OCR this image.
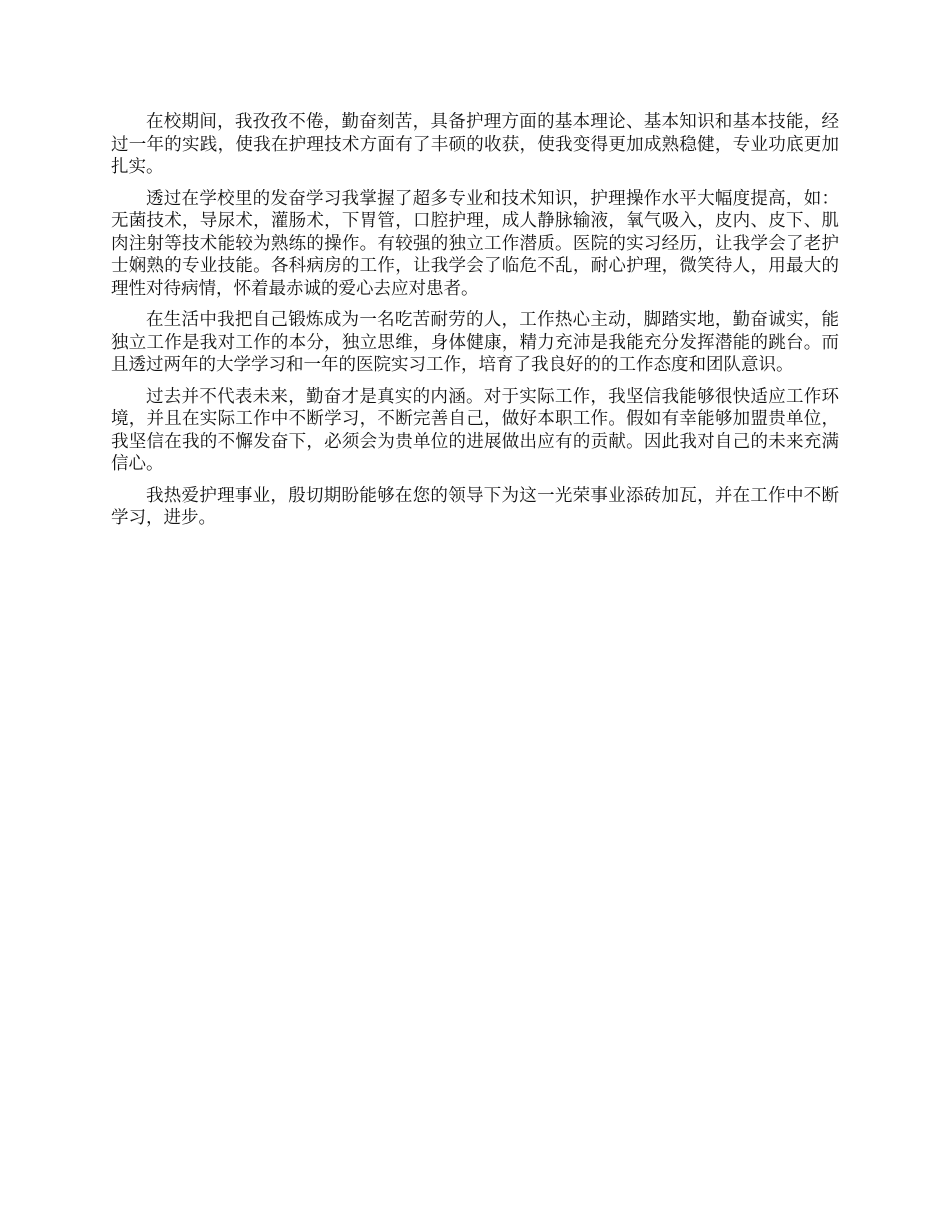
在校期间，我孜孜不倦，勤奋刻苦，具备护理方面的基本理论、基本知识和基本技能，经过一年的实践，使我在护理技术方面有了丰硕的收获，使我变得更加成熟稳健，专业功底更加扎实。

透过在学校里的发奋学习我掌握了超多专业和技术知识，护理操作水平大幅度提高，如：无菌技术，导尿术，灌肠术，下胃管，口腔护理，成人静脉输液，氧气吸入，皮内、皮下、肌肉注射等技术能较为熟练的操作。有较强的独立工作潜质。医院的实习经历，让我学会了老护士娴熟的专业技能。各科病房的工作，让我学会了临危不乱，耐心护理，微笑待人，用最大的理性对待病情，怀着最赤诚的爱心去应对患者。

在生活中我把自己锻炼成为一名吃苦耐劳的人，工作热心主动，脚踏实地，勤奋诚实，能独立工作是我对工作的本分，独立思维，身体健康，精力充沛是我能充分发挥潜能的跳台。而且透过两年的大学学习和一年的医院实习工作，培育了我良好的的工作态度和团队意识。

过去并不代表未来，勤奋才是真实的内涵。对于实际工作，我坚信我能够很快适应工作环境，并且在实际工作中不断学习，不断完善自己，做好本职工作。假如有幸能够加盟贵单位，我坚信在我的不懈发奋下，必须会为贵单位的进展做出应有的贡献。因此我对自己的未来充满信心。

我热爱护理事业，殷切期盼能够在您的领导下为这一光荣事业添砖加瓦，并在工作中不断学习，进步。
